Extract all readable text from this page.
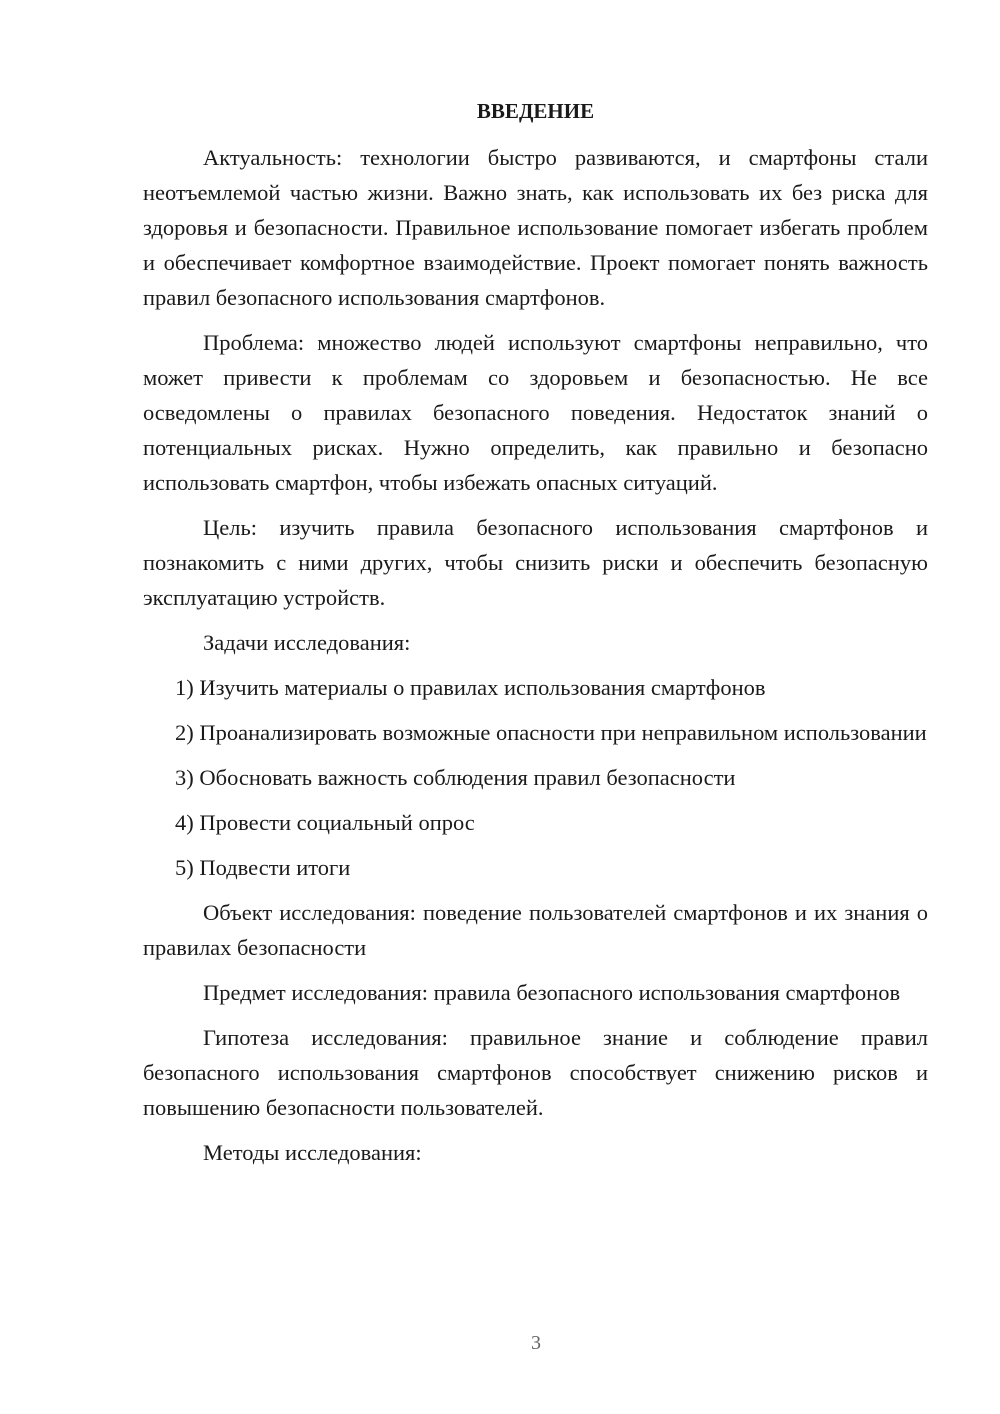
ВВЕДЕНИЕ

Актуальность: технологии быстро развиваются, и смартфоны стали неотъемлемой частью жизни. Важно знать, как использовать их без риска для здоровья и безопасности. Правильное использование помогает избегать проблем и обеспечивает комфортное взаимодействие. Проект помогает понять важность правил безопасного использования смартфонов.

Проблема: множество людей используют смартфоны неправильно, что может привести к проблемам со здоровьем и безопасностью. Не все осведомлены о правилах безопасного поведения. Недостаток знаний о потенциальных рисках. Нужно определить, как правильно и безопасно использовать смартфон, чтобы избежать опасных ситуаций.

Цель: изучить правила безопасного использования смартфонов и познакомить с ними других, чтобы снизить риски и обеспечить безопасную эксплуатацию устройств.

Задачи исследования:

1) Изучить материалы о правилах использования смартфонов

2) Проанализировать возможные опасности при неправильном использовании

3) Обосновать важность соблюдения правил безопасности

4) Провести социальный опрос

5) Подвести итоги

Объект исследования: поведение пользователей смартфонов и их знания о правилах безопасности

Предмет исследования: правила безопасного использования смартфонов

Гипотеза исследования: правильное знание и соблюдение правил безопасного использования смартфонов способствует снижению рисков и повышению безопасности пользователей.

Методы исследования:

3
